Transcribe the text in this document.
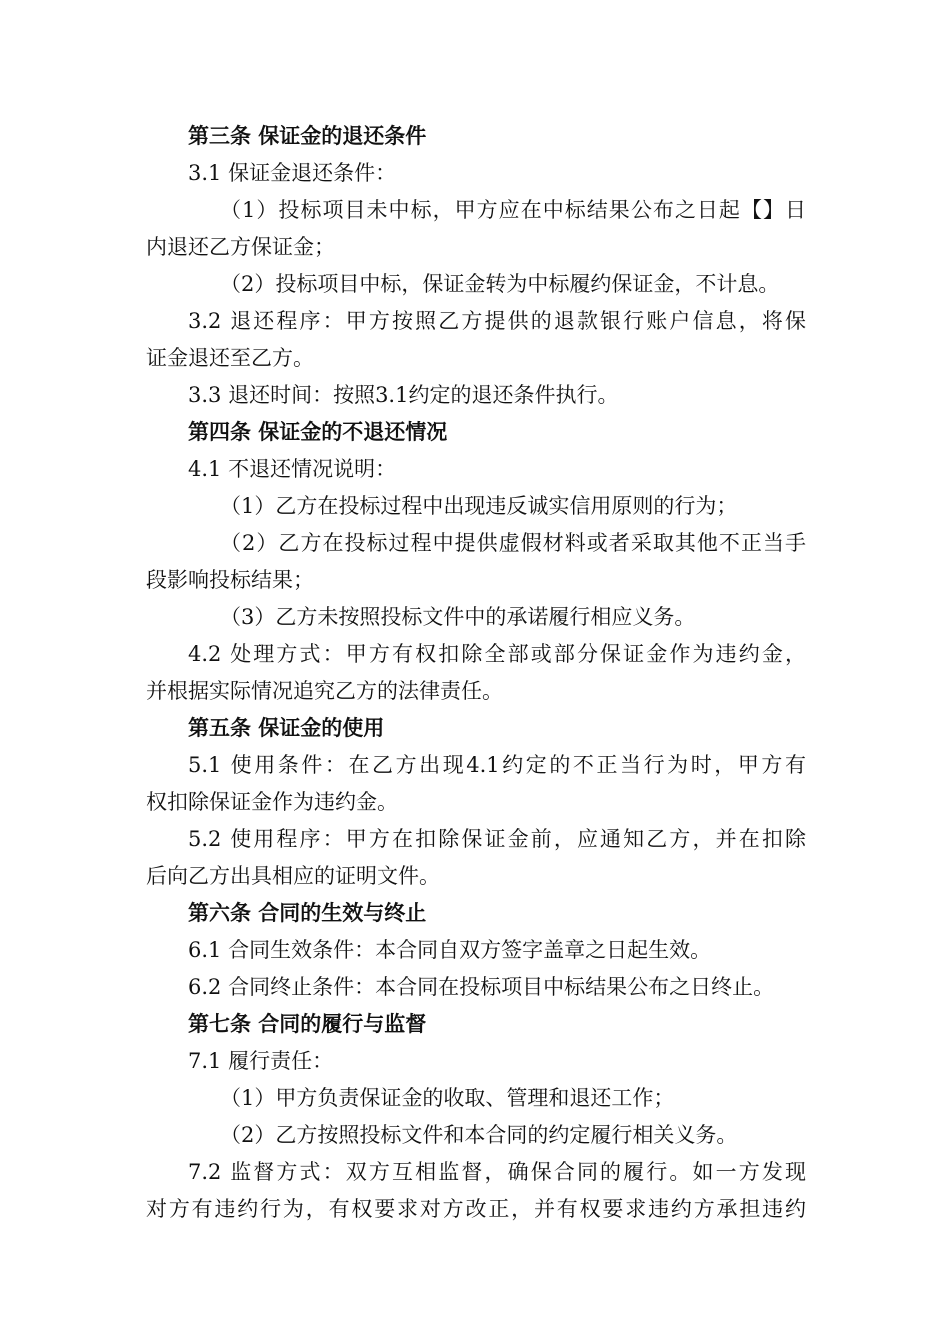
第三条 保证金的退还条件
3.1 保证金退还条件：
（1）投标项目未中标，甲方应在中标结果公布之日起【】日
内退还乙方保证金；
（2）投标项目中标，保证金转为中标履约保证金，不计息。
3.2 退还程序：甲方按照乙方提供的退款银行账户信息，将保
证金退还至乙方。
3.3 退还时间：按照3.1约定的退还条件执行。
第四条 保证金的不退还情况
4.1 不退还情况说明：
（1）乙方在投标过程中出现违反诚实信用原则的行为；
（2）乙方在投标过程中提供虚假材料或者采取其他不正当手
段影响投标结果；
（3）乙方未按照投标文件中的承诺履行相应义务。
4.2 处理方式：甲方有权扣除全部或部分保证金作为违约金，
并根据实际情况追究乙方的法律责任。
第五条 保证金的使用
5.1 使用条件：在乙方出现4.1约定的不正当行为时，甲方有
权扣除保证金作为违约金。
5.2 使用程序：甲方在扣除保证金前，应通知乙方，并在扣除
后向乙方出具相应的证明文件。
第六条 合同的生效与终止
6.1 合同生效条件：本合同自双方签字盖章之日起生效。
6.2 合同终止条件：本合同在投标项目中标结果公布之日终止。
第七条 合同的履行与监督
7.1 履行责任：
（1）甲方负责保证金的收取、管理和退还工作；
（2）乙方按照投标文件和本合同的约定履行相关义务。
7.2 监督方式：双方互相监督，确保合同的履行。如一方发现
对方有违约行为，有权要求对方改正，并有权要求违约方承担违约
